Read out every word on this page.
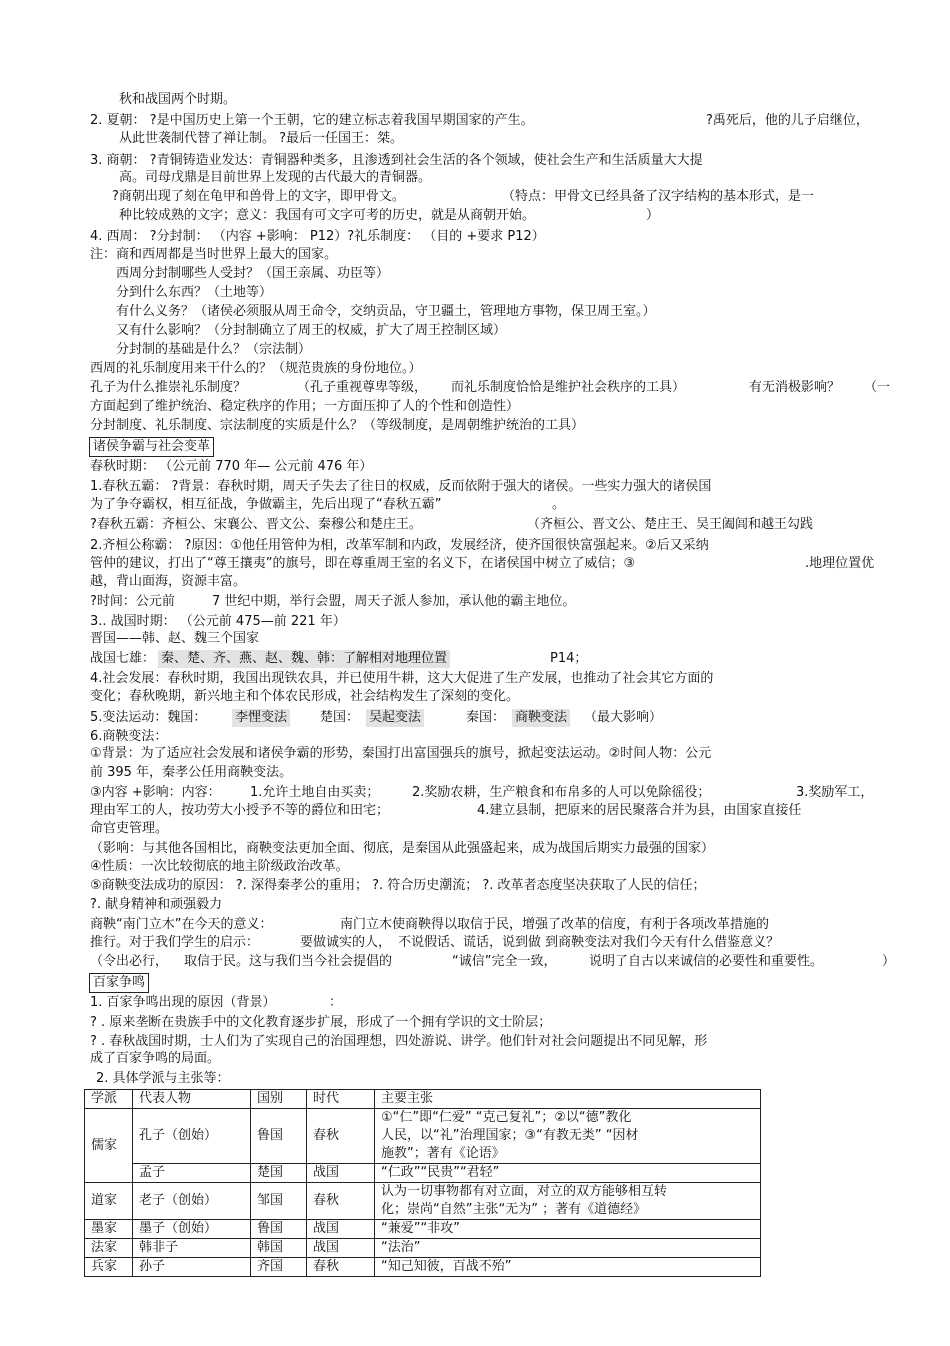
秋和战国两个时期。
2. 夏朝： ?是中国历史上第一个王朝，它的建立标志着我国早期国家的产生。	?禹死后，他的儿子启继位，
从此世袭制代替了禅让制。 ?最后一任国王：桀。
3. 商朝： ?青铜铸造业发达：青铜器种类多，且渗透到社会生活的各个领域，使社会生产和生活质量大大提
高。司母戊鼎是目前世界上发现的古代最大的青铜器。
?商朝出现了刻在龟甲和兽骨上的文字，即甲骨文。	（特点：甲骨文已经具备了汉字结构的基本形式，是一
种比较成熟的文字；意义：我国有可文字可考的历史，就是从商朝开始。	）
4. 西周： ?分封制： （内容 +影响： P12）?礼乐制度： （目的 +要求 P12）
注：商和西周都是当时世界上最大的国家。
西周分封制哪些人受封？（国王亲属、功臣等）
分到什么东西？（土地等）
有什么义务？（诸侯必须服从周王命令，交纳贡品，守卫疆土，管理地方事物，保卫周王室。）
又有什么影响？（分封制确立了周王的权威，扩大了周王控制区域）
分封制的基础是什么？（宗法制）
西周的礼乐制度用来干什么的？（规范贵族的身份地位。）
孔子为什么推崇礼乐制度？	（孔子重视尊卑等级， 而礼乐制度恰恰是维护社会秩序的工具）	有无消极影响？ （一
方面起到了维护统治、稳定秩序的作用；一方面压抑了人的个性和创造性）
分封制度、礼乐制度、宗法制度的实质是什么？（等级制度，是周朝维护统治的工具）
诸侯争霸与社会变革
春秋时期： （公元前 770 年— 公元前 476 年）
1.春秋五霸： ?背景：春秋时期，周天子失去了往日的权威，反而依附于强大的诸侯。一些实力强大的诸侯国
为了争夺霸权，相互征战，争做霸主，先后出现了“春秋五霸”	。
?春秋五霸：齐桓公、宋襄公、晋文公、秦穆公和楚庄王。	（齐桓公、晋文公、楚庄王、吴王阖闾和越王勾践
2.齐桓公称霸： ?原因：①他任用管仲为相，改革军制和内政，发展经济，使齐国很快富强起来。②后又采纳
管仲的建议，打出了“尊王攘夷”的旗号，即在尊重周王室的名义下，在诸侯国中树立了威信；③	.地理位置优
越，背山面海，资源丰富。
?时间：公元前	7 世纪中期，举行会盟，周天子派人参加，承认他的霸主地位。
3.. 战国时期： （公元前 475—前 221 年）
晋国——韩、赵、魏三个国家
战国七雄： 秦、楚、齐、燕、赵、魏、韩：了解相对地理位置	P14；
4.社会发展：春秋时期，我国出现铁农具，并已使用牛耕，这大大促进了生产发展，也推动了社会其它方面的
变化；春秋晚期，新兴地主和个体农民形成，社会结构发生了深刻的变化。
5.变法运动：魏国： 李悝变法	楚国： 吴起变法	秦国： 商鞅变法 （最大影响）
6.商鞅变法：
①背景：为了适应社会发展和诸侯争霸的形势，秦国打出富国强兵的旗号，掀起变法运动。②时间人物：公元
前 395 年，秦孝公任用商鞅变法。
③内容 +影响：内容： 1.允许土地自由买卖；	2.奖励农耕，生产粮食和布帛多的人可以免除徭役；	3.奖励军工，
理由军工的人，按功劳大小授予不等的爵位和田宅；	4.建立县制，把原来的居民聚落合并为县，由国家直接任
命官吏管理。
（影响：与其他各国相比，商鞅变法更加全面、彻底，是秦国从此强盛起来，成为战国后期实力最强的国家）
④性质：一次比较彻底的地主阶级政治改革。
⑤商鞅变法成功的原因： ?. 深得秦孝公的重用； ?. 符合历史潮流； ?. 改革者态度坚决获取了人民的信任；
?. 献身精神和顽强毅力
商鞅“南门立木”在今天的意义：	南门立木使商鞅得以取信于民，增强了改革的信度，有利于各项改革措施的
推行。对于我们学生的启示：	要做诚实的人， 不说假话、谎话，说到做 到商鞅变法对我们今天有什么借鉴意义？
（令出必行， 取信于民。这与我们当今社会提倡的	“诚信”完全一致，	说明了自古以来诚信的必要性和重要性。	）
百家争鸣
1. 百家争鸣出现的原因（背景）	：
? . 原来垄断在贵族手中的文化教育逐步扩展，形成了一个拥有学识的文士阶层；
? . 春秋战国时期，士人们为了实现自己的治国理想，四处游说、讲学。他们针对社会问题提出不同见解，形
成了百家争鸣的局面。
2. 具体学派与主张等：
学派	代表人物	国别	时代	主要主张
儒家	孔子（创始）	鲁国	春秋	①“仁”即“仁爱” “克己复礼”；②以“德”教化
人民，以“礼”治理国家；③“有教无类” “因材
施教”；著有《论语》

	孟子	楚国	战国	“仁政”“民贵”“君轻”
道家	老子（创始）	邹国	春秋	认为一切事物都有对立面，对立的双方能够相互转
化；崇尚“自然”主张“无为” ；著有《道德经》

墨家	墨子（创始）	鲁国	战国	“兼爱”“非攻”
法家	韩非子	韩国	战国	“法治”
兵家	孙子	齐国	春秋	“知己知彼，百战不殆”
